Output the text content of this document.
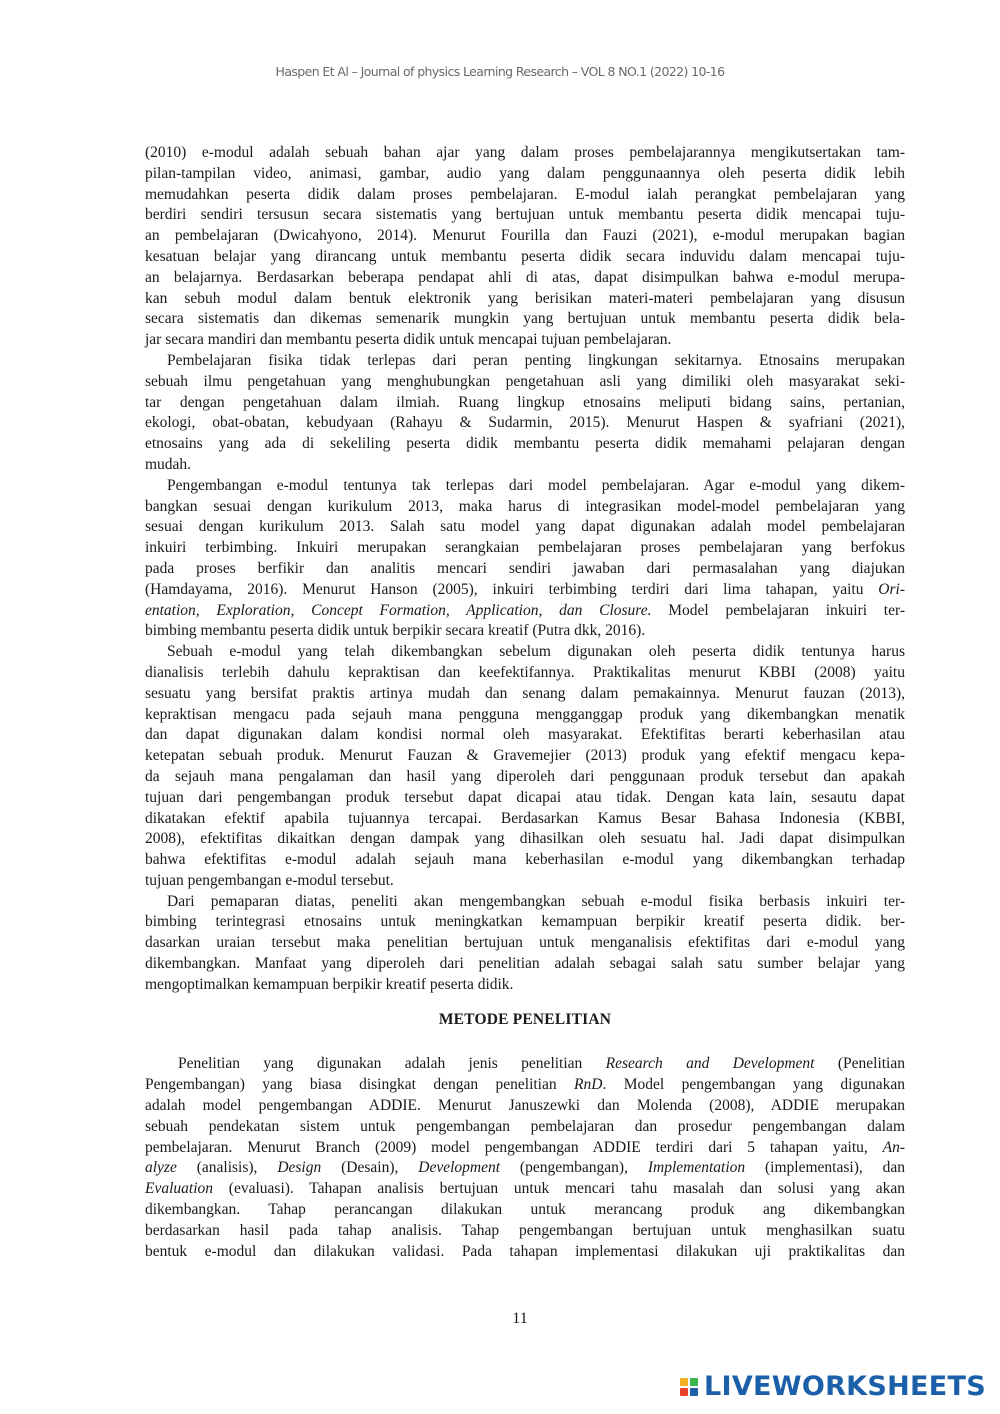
Haspen Et Al – Journal of physics Learning Research – VOL 8 NO.1 (2022) 10-16
(2010) e-modul adalah sebuah bahan ajar yang dalam proses pembelajarannya mengikutsertakan tam-
pilan-tampilan video, animasi, gambar, audio yang dalam penggunaannya oleh peserta didik lebih
memudahkan peserta didik dalam proses pembelajaran. E-modul ialah perangkat pembelajaran yang
berdiri sendiri tersusun secara sistematis yang bertujuan untuk membantu peserta didik mencapai tuju-
an pembelajaran (Dwicahyono, 2014). Menurut Fourilla dan Fauzi (2021), e-modul merupakan bagian
kesatuan belajar yang dirancang untuk membantu peserta didik secara induvidu dalam mencapai tuju-
an belajarnya. Berdasarkan beberapa pendapat ahli di atas, dapat disimpulkan bahwa e-modul merupa-
kan sebuh modul dalam bentuk elektronik yang berisikan materi-materi pembelajaran yang disusun
secara sistematis dan dikemas semenarik mungkin yang bertujuan untuk membantu peserta didik bela-
jar secara mandiri dan membantu peserta didik untuk mencapai tujuan pembelajaran.
Pembelajaran fisika tidak terlepas dari peran penting lingkungan sekitarnya. Etnosains merupakan
sebuah ilmu pengetahuan yang menghubungkan pengetahuan asli yang dimiliki oleh masyarakat seki-
tar dengan pengetahuan dalam ilmiah. Ruang lingkup etnosains meliputi bidang sains, pertanian,
ekologi, obat-obatan, kebudyaan (Rahayu & Sudarmin, 2015). Menurut Haspen & syafriani (2021),
etnosains yang ada di sekeliling peserta didik membantu peserta didik memahami pelajaran dengan
mudah.
Pengembangan e-modul tentunya tak terlepas dari model pembelajaran. Agar e-modul yang dikem-
bangkan sesuai dengan kurikulum 2013, maka harus di integrasikan model-model pembelajaran yang
sesuai dengan kurikulum 2013. Salah satu model yang dapat digunakan adalah model pembelajaran
inkuiri terbimbing. Inkuiri merupakan serangkaian pembelajaran proses pembelajaran yang berfokus
pada proses berfikir dan analitis mencari sendiri jawaban dari permasalahan yang diajukan
(Hamdayama, 2016). Menurut Hanson (2005), inkuiri terbimbing terdiri dari lima tahapan, yaitu Ori-
entation, Exploration, Concept Formation, Application, dan Closure. Model pembelajaran inkuiri ter-
bimbing membantu peserta didik untuk berpikir secara kreatif (Putra dkk, 2016).
Sebuah e-modul yang telah dikembangkan sebelum digunakan oleh peserta didik tentunya harus
dianalisis terlebih dahulu kepraktisan dan keefektifannya. Praktikalitas menurut KBBI (2008) yaitu
sesuatu yang bersifat praktis artinya mudah dan senang dalam pemakainnya. Menurut fauzan (2013),
kepraktisan mengacu pada sejauh mana pengguna mengganggap produk yang dikembangkan menatik
dan dapat digunakan dalam kondisi normal oleh masyarakat. Efektifitas berarti keberhasilan atau
ketepatan sebuah produk. Menurut Fauzan & Gravemejier (2013) produk yang efektif mengacu kepa-
da sejauh mana pengalaman dan hasil yang diperoleh dari penggunaan produk tersebut dan apakah
tujuan dari pengembangan produk tersebut dapat dicapai atau tidak. Dengan kata lain, sesautu dapat
dikatakan efektif apabila tujuannya tercapai. Berdasarkan Kamus Besar Bahasa Indonesia (KBBI,
2008), efektifitas dikaitkan dengan dampak yang dihasilkan oleh sesuatu hal. Jadi dapat disimpulkan
bahwa efektifitas e-modul adalah sejauh mana keberhasilan e-modul yang dikembangkan terhadap
tujuan pengembangan e-modul tersebut.
Dari pemaparan diatas, peneliti akan mengembangkan sebuah e-modul fisika berbasis inkuiri ter-
bimbing terintegrasi etnosains untuk meningkatkan kemampuan berpikir kreatif peserta didik. ber-
dasarkan uraian tersebut maka penelitian bertujuan untuk menganalisis efektifitas dari e-modul yang
dikembangkan. Manfaat yang diperoleh dari penelitian adalah sebagai salah satu sumber belajar yang
mengoptimalkan kemampuan berpikir kreatif peserta didik.
METODE PENELITIAN
Penelitian yang digunakan adalah jenis penelitian Research and Development (Penelitian
Pengembangan) yang biasa disingkat dengan penelitian RnD. Model pengembangan yang digunakan
adalah model pengembangan ADDIE. Menurut Januszewki dan Molenda (2008), ADDIE merupakan
sebuah pendekatan sistem untuk pengembangan pembelajaran dan prosedur pengembangan dalam
pembelajaran. Menurut Branch (2009) model pengembangan ADDIE terdiri dari 5 tahapan yaitu, An-
alyze (analisis), Design (Desain), Development (pengembangan), Implementation (implementasi), dan
Evaluation (evaluasi). Tahapan analisis bertujuan untuk mencari tahu masalah dan solusi yang akan
dikembangkan. Tahap perancangan dilakukan untuk merancang produk ang dikembangkan
berdasarkan hasil pada tahap analisis. Tahap pengembangan bertujuan untuk menghasilkan suatu
bentuk e-modul dan dilakukan validasi. Pada tahapan implementasi dilakukan uji praktikalitas dan
11
LIVEWORKSHEETS
